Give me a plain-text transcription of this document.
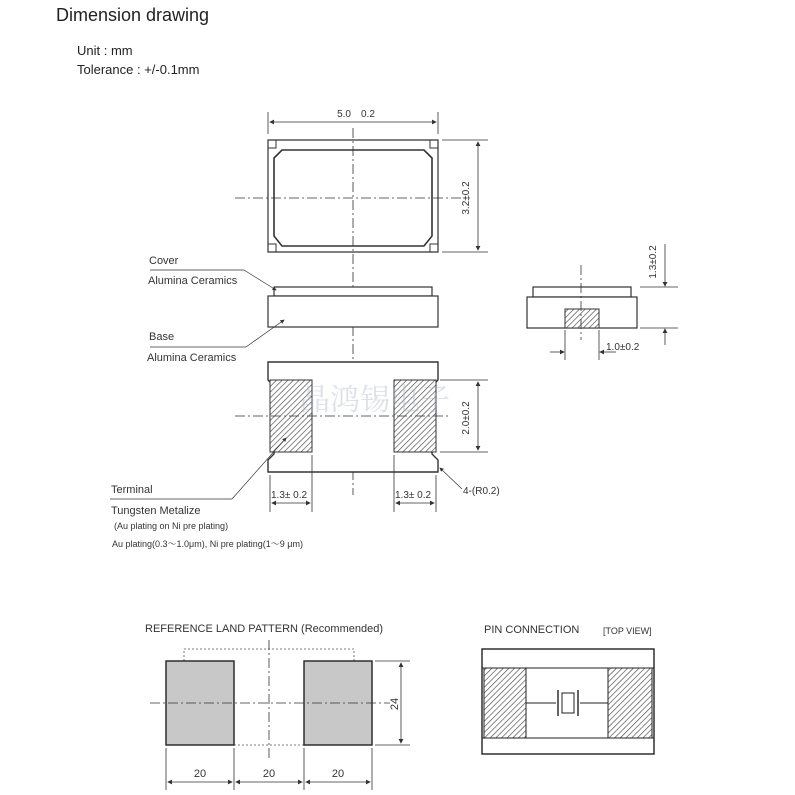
Dimension drawing
Unit : mm
Tolerance : +/-0.1mm
5.0　0.2
3.2±0.2
1.3±0.2
1.0±0.2
2.0±0.2
1.3± 0.2	1.3± 0.2	4-(R0.2)
晶鸿锡电子
24
20	20	20
Cover
Alumina Ceramics
Base
Alumina Ceramics
Terminal
Tungsten Metalize
(Au plating on Ni pre plating)
Au plating(0.3〜1.0μm), Ni pre plating(1〜9 μm)
REFERENCE LAND PATTERN (Recommended)	PIN CONNECTION	[TOP VIEW]
